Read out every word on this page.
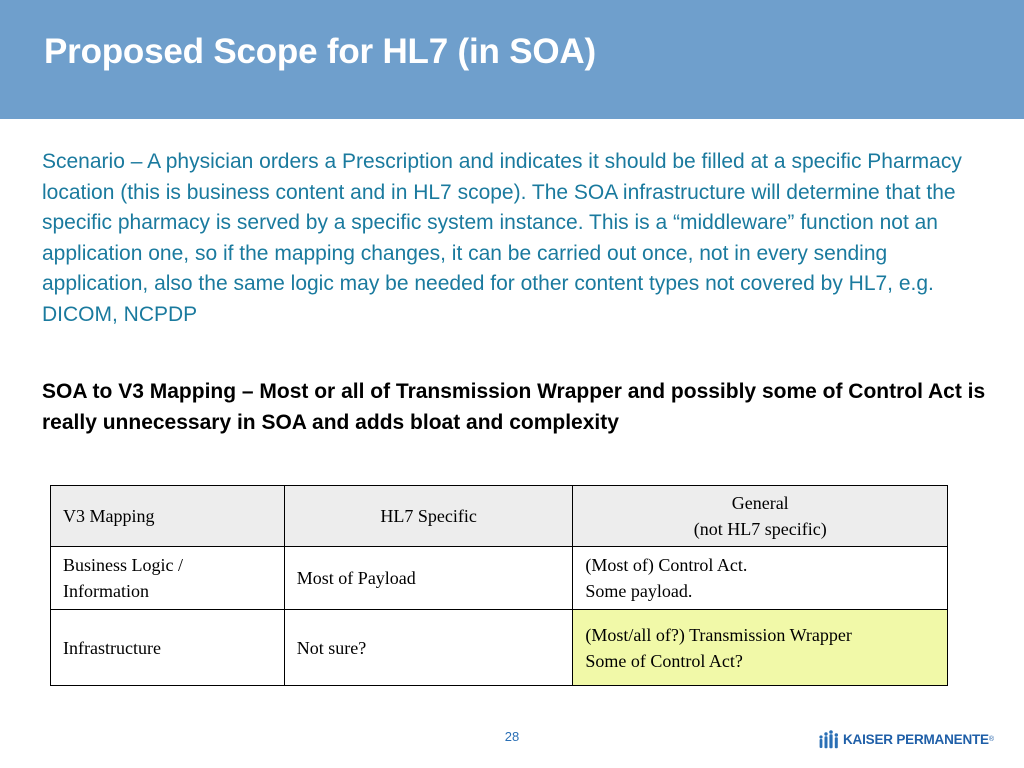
Proposed Scope for HL7 (in SOA)

Scenario – A physician orders a Prescription and indicates it should be filled at a specific Pharmacy location (this is business content and in HL7 scope). The SOA infrastructure will determine that the specific pharmacy is served by a specific system instance. This is a “middleware” function not an application one, so if the mapping changes, it can be carried out once, not in every sending application, also the same logic may be needed for other content types not covered by HL7, e.g. DICOM, NCPDP

SOA to V3 Mapping – Most or all of Transmission Wrapper and possibly some of Control Act is really unnecessary in SOA and adds bloat and complexity

V3 Mapping	HL7 Specific	General
(not HL7 specific)

Business Logic /
Information	Most of Payload	(Most of) Control Act.
Some payload.

Infrastructure	Not sure?	(Most/all of?) Transmission Wrapper
Some of Control Act?
28	KAISER PERMANENTE ®
